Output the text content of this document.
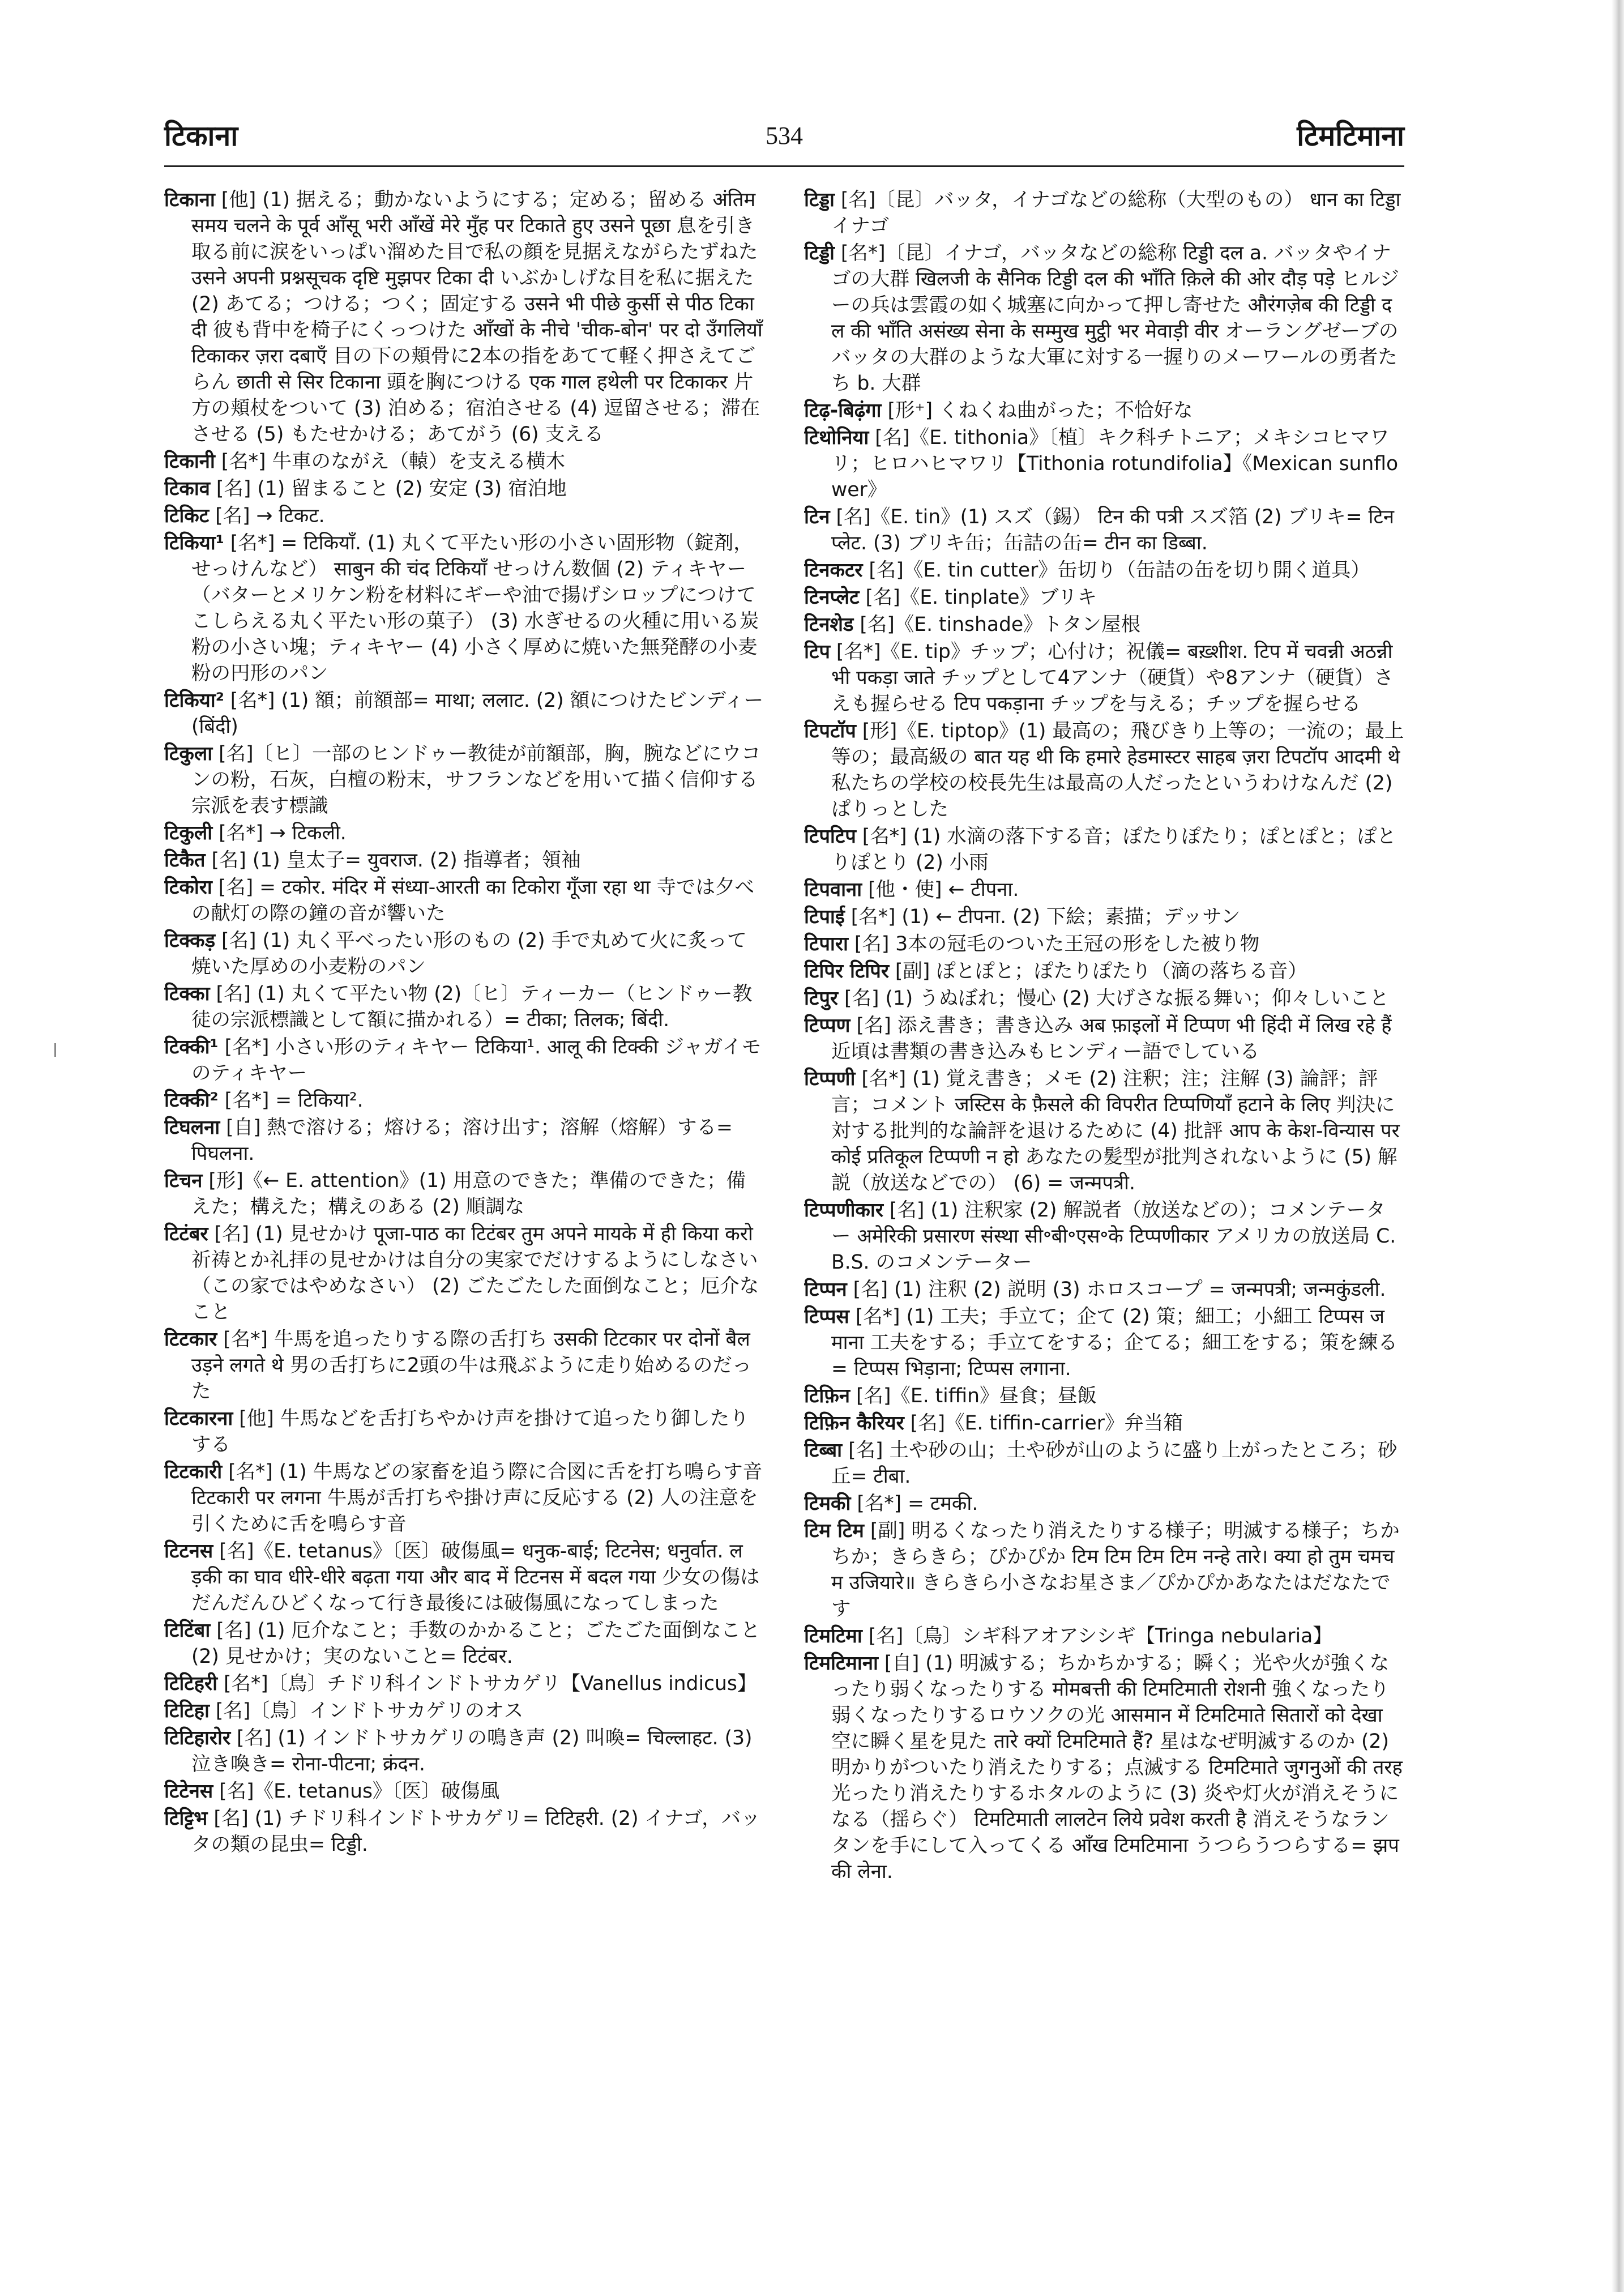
टिकाना	534	टिमटिमाना

टिकाना [他] (1) 据える；動かないようにする；定める；留める अंतिम समय चलने के पूर्व आँसू भरी आँखें मेरे मुँह पर टिकाते हुए उसने पूछा 息を引き取る前に涙をいっぱい溜めた目で私の顔を見据えながらたずねた उसने अपनी प्रश्नसूचक दृष्टि मुझपर टिका दी いぶかしげな目を私に据えた (2) あてる；つける；つく；固定する उसने भी पीछे कुर्सी से पीठ टिका दी 彼も背中を椅子にくっつけた आँखों के नीचे 'चीक-बोन' पर दो उँगलियाँ टिकाकर ज़रा दबाएँ 目の下の頬骨に2本の指をあてて軽く押さえてごらん छाती से सिर टिकाना 頭を胸につける एक गाल हथेली पर टिकाकर 片方の頬杖をついて (3) 泊める；宿泊させる (4) 逗留させる；滞在させる (5) もたせかける；あてがう (6) 支える

टिकानी [名*] 牛車のながえ（轅）を支える横木

टिकाव [名] (1) 留まること (2) 安定 (3) 宿泊地

टिकिट [名] → टिकट.

टिकिया¹ [名*] = टिकियाँ. (1) 丸くて平たい形の小さい固形物（錠剤，せっけんなど） साबुन की चंद टिकियाँ せっけん数個 (2) ティキヤー（バターとメリケン粉を材料にギーや油で揚げシロップにつけてこしらえる丸く平たい形の菓子） (3) 水ぎせるの火種に用いる炭粉の小さい塊；ティキヤー (4) 小さく厚めに焼いた無発酵の小麦粉の円形のパン

टिकिया² [名*] (1) 額；前額部= माथा; ललाट. (2) 額につけたビンディー (बिंदी)

टिकुला [名]〔ヒ〕一部のヒンドゥー教徒が前額部，胸，腕などにウコンの粉，石灰，白檀の粉末，サフランなどを用いて描く信仰する宗派を表す標識

टिकुली [名*] → टिकली.

टिकैत [名] (1) 皇太子= युवराज. (2) 指導者；領袖

टिकोरा [名] = टकोर. मंदिर में संध्या-आरती का टिकोरा गूँजा रहा था 寺では夕べの献灯の際の鐘の音が響いた

टिक्कड़ [名] (1) 丸く平べったい形のもの (2) 手で丸めて火に炙って焼いた厚めの小麦粉のパン

टिक्का [名] (1) 丸くて平たい物 (2)〔ヒ〕ティーカー（ヒンドゥー教徒の宗派標識として額に描かれる）= टीका; तिलक; बिंदी.

टिक्की¹ [名*] 小さい形のティキヤー टिकिया¹. आलू की टिक्की ジャガイモのティキヤー

टिक्की² [名*] = टिकिया².

टिघलना [自] 熱で溶ける；熔ける；溶け出す；溶解（熔解）する= पिघलना.

टिचन [形]《← E. attention》(1) 用意のできた；準備のできた；備えた；構えた；構えのある (2) 順調な

टिटंबर [名] (1) 見せかけ पूजा-पाठ का टिटंबर तुम अपने मायके में ही किया करो 祈祷とか礼拝の見せかけは自分の実家でだけするようにしなさい（この家ではやめなさい） (2) ごたごたした面倒なこと；厄介なこと

टिटकार [名*] 牛馬を追ったりする際の舌打ち उसकी टिटकार पर दोनों बैल उड़ने लगते थे 男の舌打ちに2頭の牛は飛ぶように走り始めるのだった

टिटकारना [他] 牛馬などを舌打ちやかけ声を掛けて追ったり御したりする

टिटकारी [名*] (1) 牛馬などの家畜を追う際に合図に舌を打ち鳴らす音 टिटकारी पर लगना 牛馬が舌打ちや掛け声に反応する (2) 人の注意を引くために舌を鳴らす音

टिटनस [名]《E. tetanus》〔医〕破傷風= धनुक-बाई; टिटनेस; धनुर्वात. लड़की का घाव धीरे-धीरे बढ़ता गया और बाद में टिटनस में बदल गया 少女の傷はだんだんひどくなって行き最後には破傷風になってしまった

टिटिंबा [名] (1) 厄介なこと；手数のかかること；ごたごた面倒なこと (2) 見せかけ；実のないこと= टिटंबर.

टिटिहरी [名*]〔鳥〕チドリ科インドトサカゲリ【Vanellus indicus】

टिटिहा [名]〔鳥〕インドトサカゲリのオス

टिटिहारोर [名] (1) インドトサカゲリの鳴き声 (2) 叫喚= चिल्लाहट. (3) 泣き喚き= रोना-पीटना; क्रंदन.

टिटेनस [名]《E. tetanus》〔医〕破傷風

टिट्टिभ [名] (1) チドリ科インドトサカゲリ= टिटिहरी. (2) イナゴ，バッタの類の昆虫= टिड्डी.

टिड्डा [名]〔昆〕バッタ，イナゴなどの総称（大型のもの） धान का टिड्डा イナゴ

टिड्डी [名*]〔昆〕イナゴ，バッタなどの総称 टिड्डी दल a. バッタやイナゴの大群 खिलजी के सैनिक टिड्डी दल की भाँति क़िले की ओर दौड़ पड़े ヒルジーの兵は雲霞の如く城塞に向かって押し寄せた औरंगज़ेब की टिड्डी दल की भाँति असंख्य सेना के सम्मुख मुट्ठी भर मेवाड़ी वीर オーラングゼーブのバッタの大群のような大軍に対する一握りのメーワールの勇者たち b. 大群

टिढ़-बिढ़ंगा [形⁺] くねくね曲がった；不恰好な

टिथोनिया [名]《E. tithonia》〔植〕キク科チトニア；メキシコヒマワリ；ヒロハヒマワリ【Tithonia rotundifolia】《Mexican sunflower》

टिन [名]《E. tin》(1) スズ（錫） टिन की पत्री スズ箔 (2) ブリキ= टिनप्लेट. (3) ブリキ缶；缶詰の缶= टीन का डिब्बा.

टिनकटर [名]《E. tin cutter》缶切り（缶詰の缶を切り開く道具）

टिनप्लेट [名]《E. tinplate》ブリキ

टिनशेड [名]《E. tinshade》トタン屋根

टिप [名*]《E. tip》チップ；心付け；祝儀= बख़्शीश. टिप में चवन्नी अठन्नी भी पकड़ा जाते チップとして4アンナ（硬貨）や8アンナ（硬貨）さえも握らせる टिप पकड़ाना チップを与える；チップを握らせる

टिपटॉप [形]《E. tiptop》(1) 最高の；飛びきり上等の；一流の；最上等の；最高級の बात यह थी कि हमारे हेडमास्टर साहब ज़रा टिपटॉप आदमी थे 私たちの学校の校長先生は最高の人だったというわけなんだ (2) ぱりっとした

टिपटिप [名*] (1) 水滴の落下する音；ぽたりぽたり；ぽとぽと；ぽとりぽとり (2) 小雨

टिपवाना [他・使] ← टीपना.

टिपाई [名*] (1) ← टीपना. (2) 下絵；素描；デッサン

टिपारा [名] 3本の冠毛のついた王冠の形をした被り物

टिपिर टिपिर [副] ぽとぽと；ぽたりぽたり（滴の落ちる音）

टिपुर [名] (1) うぬぼれ；慢心 (2) 大げさな振る舞い；仰々しいこと

टिप्पण [名] 添え書き；書き込み अब फ़ाइलों में टिप्पण भी हिंदी में लिख रहे हैं 近頃は書類の書き込みもヒンディー語でしている

टिप्पणी [名*] (1) 覚え書き；メモ (2) 注釈；注；注解 (3) 論評；評言；コメント जस्टिस के फ़ैसले की विपरीत टिप्पणियाँ हटाने के लिए 判決に対する批判的な論評を退けるために (4) 批評 आप के केश-विन्यास पर कोई प्रतिकूल टिप्पणी न हो あなたの髪型が批判されないように (5) 解説（放送などでの） (6) = जन्मपत्री.

टिप्पणीकार [名] (1) 注釈家 (2) 解説者（放送などの）；コメンテーター अमेरिकी प्रसारण संस्था सी॰बी॰एस॰के टिप्पणीकार アメリカの放送局 C.B.S. のコメンテーター

टिप्पन [名] (1) 注釈 (2) 説明 (3) ホロスコープ = जन्मपत्री; जन्मकुंडली.

टिप्पस [名*] (1) 工夫；手立て；企て (2) 策；細工；小細工 टिप्पस जमाना 工夫をする；手立てをする；企てる；細工をする；策を練る= टिप्पस भिड़ाना; टिप्पस लगाना.

टिफ़िन [名]《E. tiffin》昼食；昼飯

टिफ़िन कैरियर [名]《E. tiffin-carrier》弁当箱

टिब्बा [名] 土や砂の山；土や砂が山のように盛り上がったところ；砂丘= टीबा.

टिमकी [名*] = टमकी.

टिम टिम [副] 明るくなったり消えたりする様子；明滅する様子；ちかちか；きらきら；ぴかぴか टिम टिम टिम टिम नन्हे तारे। क्या हो तुम चमचम उजियारे॥ きらきら小さなお星さま／ぴかぴかあなたはだなたです

टिमटिमा [名]〔鳥〕シギ科アオアシシギ【Tringa nebularia】

टिमटिमाना [自] (1) 明滅する；ちかちかする；瞬く；光や火が強くなったり弱くなったりする मोमबत्ती की टिमटिमाती रोशनी 強くなったり弱くなったりするロウソクの光 आसमान में टिमटिमाते सितारों को देखा 空に瞬く星を見た तारे क्यों टिमटिमाते हैं? 星はなぜ明滅するのか (2) 明かりがついたり消えたりする；点滅する टिमटिमाते जुगनुओं की तरह 光ったり消えたりするホタルのように (3) 炎や灯火が消えそうになる（揺らぐ） टिमटिमाती लालटेन लिये प्रवेश करती है 消えそうなランタンを手にして入ってくる आँख टिमटिमाना うつらうつらする= झपकी लेना.
